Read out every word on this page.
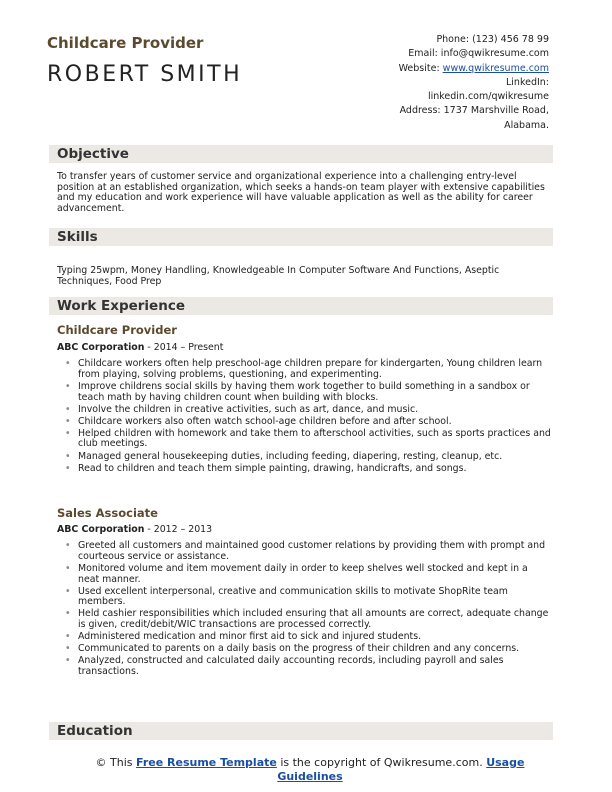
Childcare Provider
ROBERT SMITH
Phone: (123) 456 78 99
Email: info@qwikresume.com
Website: www.qwikresume.com
LinkedIn:
linkedin.com/qwikresume
Address: 1737 Marshville Road,
Alabama.
Objective
To transfer years of customer service and organizational experience into a challenging entry-level position at an established organization, which seeks a hands-on team player with extensive capabilities and my education and work experience will have valuable application as well as the ability for career advancement.
Skills
Typing 25wpm, Money Handling, Knowledgeable In Computer Software And Functions, Aseptic Techniques, Food Prep
Work Experience
Childcare Provider
ABC Corporation - 2014 – Present
• Childcare workers often help preschool-age children prepare for kindergarten, Young children learn from playing, solving problems, questioning, and experimenting.
• Improve childrens social skills by having them work together to build something in a sandbox or teach math by having children count when building with blocks.
• Involve the children in creative activities, such as art, dance, and music.
• Childcare workers also often watch school-age children before and after school.
• Helped children with homework and take them to afterschool activities, such as sports practices and club meetings.
• Managed general housekeeping duties, including feeding, diapering, resting, cleanup, etc.
• Read to children and teach them simple painting, drawing, handicrafts, and songs.
Sales Associate
ABC Corporation - 2012 – 2013
• Greeted all customers and maintained good customer relations by providing them with prompt and courteous service or assistance.
• Monitored volume and item movement daily in order to keep shelves well stocked and kept in a neat manner.
• Used excellent interpersonal, creative and communication skills to motivate ShopRite team members.
• Held cashier responsibilities which included ensuring that all amounts are correct, adequate change is given, credit/debit/WIC transactions are processed correctly.
• Administered medication and minor first aid to sick and injured students.
• Communicated to parents on a daily basis on the progress of their children and any concerns.
• Analyzed, constructed and calculated daily accounting records, including payroll and sales transactions.
Education
© This Free Resume Template is the copyright of Qwikresume.com. Usage Guidelines
